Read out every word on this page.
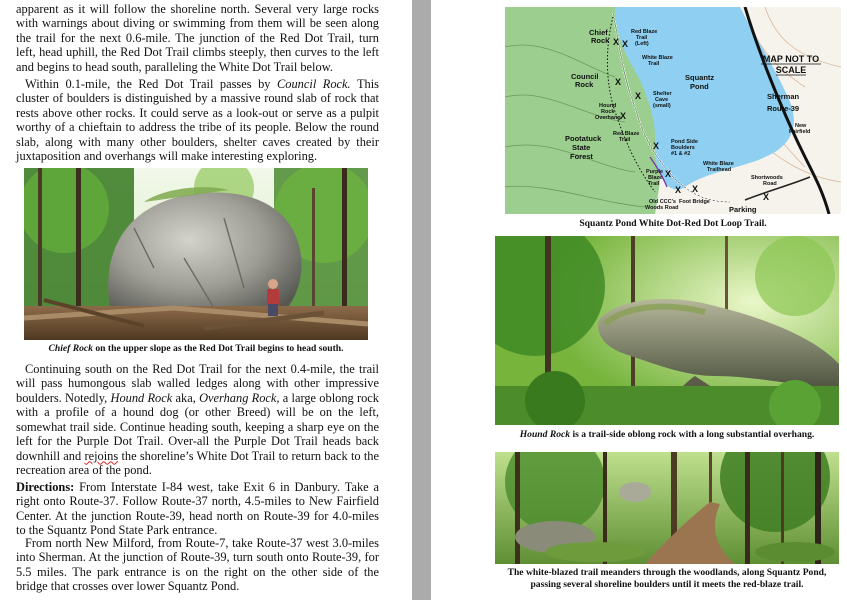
apparent as it will follow the shoreline north. Several very large rocks with warnings about diving or swimming from them will be seen along the trail for the next 0.6-mile. The junction of the Red Dot Trail, turn left, head uphill, the Red Dot Trail climbs steeply, then curves to the left and begins to head south, paralleling the White Dot Trail below.

Within 0.1-mile, the Red Dot Trail passes by Council Rock. This cluster of boulders is distinguished by a massive round slab of rock that rests above other rocks. It could serve as a look-out or serve as a pulpit worthy of a chieftain to address the tribe of its people. Below the round slab, along with many other boulders, shelter caves created by their juxtaposition and overhangs will make interesting exploring.

Chief Rock on the upper slope as the Red Dot Trail begins to head south.

Continuing south on the Red Dot Trail for the next 0.4-mile, the trail will pass humongous slab walled ledges along with other impressive boulders. Notedly, Hound Rock aka, Overhang Rock, a large oblong rock with a profile of a hound dog (or other Breed) will be on the left, somewhat trail side. Continue heading south, keeping a sharp eye on the left for the Purple Dot Trail. Over-all the Purple Dot Trail heads back downhill and rejoins the shoreline’s White Dot Trail to return back to the recreation area of the pond.

Directions: From Interstate I-84 west, take Exit 6 in Danbury. Take a right onto Route-37. Follow Route-37 north, 4.5-miles to New Fairfield Center. At the junction Route-39, head north on Route-39 for 4.0-miles to the Squantz Pond State Park entrance.

From north New Milford, from Route-7, take Route-37 west 3.0-miles into Sherman. At the junction of Route-39, turn south onto Route-39, for 5.5 miles. The park entrance is on the right on the other side of the bridge that crosses over lower Squantz Pond.

X X
X
X
X
X
X
X
X
X
MAP NOT TO
SCALE
Chief
Rock
Council
Rock
Squantz
Pond
Pootatuck
State
Forest
Sherman
Route-39
Red Blaze
Trail
(Left)
White Blaze
Trail
Shelter
Cave
(small)
Hound
Rock
Overhang
Red Blaze
Trail	Pond Side
Boulders
#1 & #2
Purple
Blaze
Trail
White Blaze
Trailhead
Foot Bridge
Old CCC's
Woods Road
New
Fairfield
Shortwoods
Road
Parking
Squantz Pond White Dot-Red Dot Loop Trail.
Hound Rock is a trail-side oblong rock with a long substantial overhang.
The white-blazed trail meanders through the woodlands, along Squantz Pond,
passing several shoreline boulders until it meets the red-blaze trail.
